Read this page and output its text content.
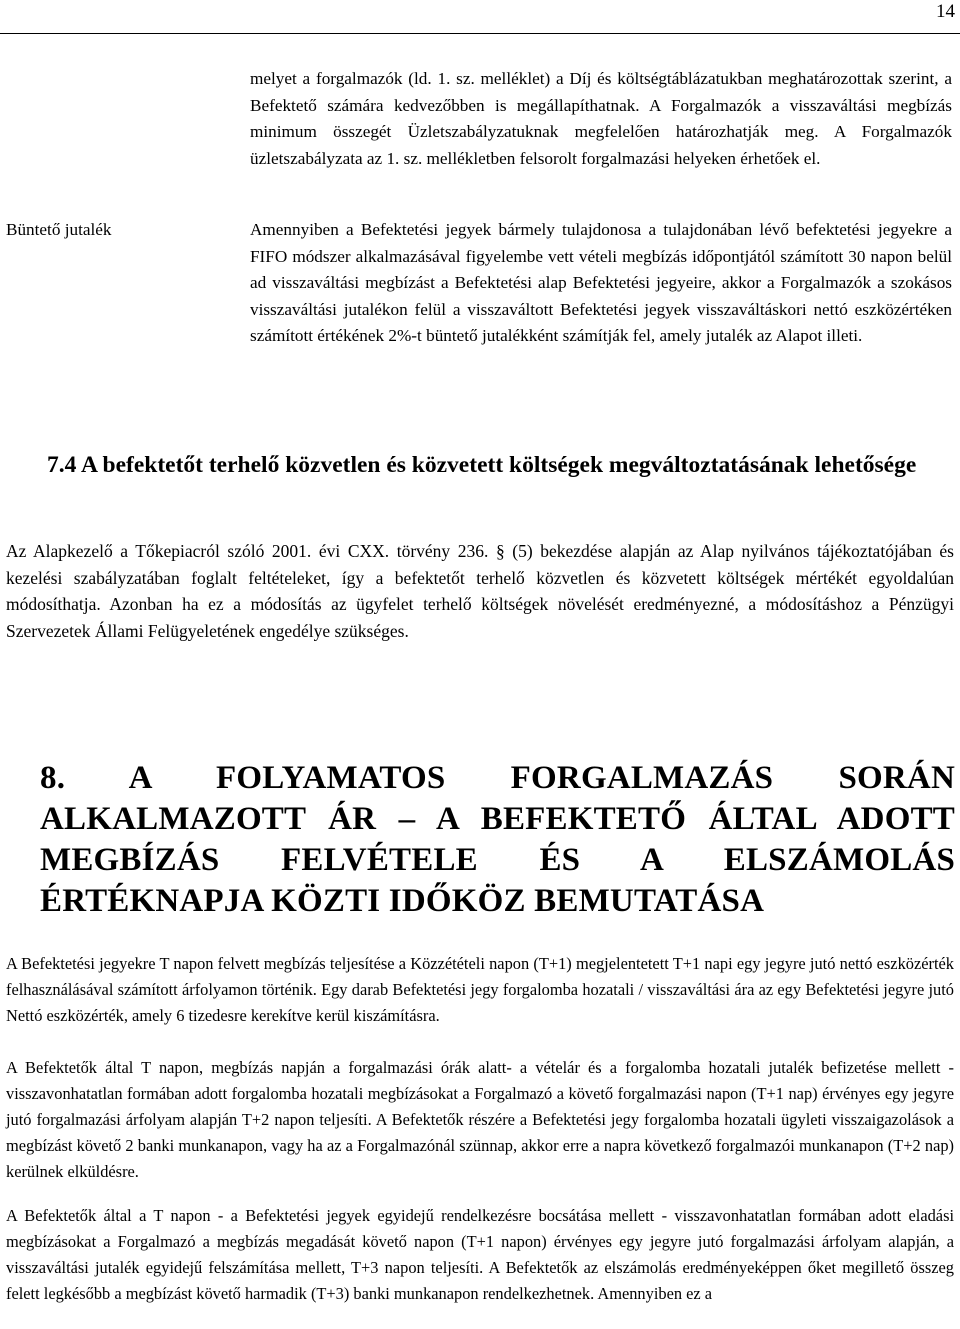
14

melyet a forgalmazók (ld. 1. sz. melléklet) a Díj és költségtáblázatukban meghatározottak szerint, a Befektető számára kedvezőbben is megállapíthatnak. A Forgalmazók a visszaváltási megbízás minimum összegét Üzletszabályzatuknak megfelelően határozhatják meg. A Forgalmazók üzletszabályzata az 1. sz. mellékletben felsorolt forgalmazási helyeken érhetőek el.

Büntető jutalék	Amennyiben a Befektetési jegyek bármely tulajdonosa a tulajdonában lévő befektetési jegyekre a FIFO módszer alkalmazásával figyelembe vett vételi megbízás időpontjától számított 30 napon belül ad visszaváltási megbízást a Befektetési alap Befektetési jegyeire, akkor a Forgalmazók a szokásos visszaváltási jutalékon felül a visszaváltott Befektetési jegyek visszaváltáskori nettó eszközértéken számított értékének 2%-t büntető jutalékként számítják fel, amely jutalék az Alapot illeti.

7.4 A befektetőt terhelő közvetlen és közvetett költségek megváltoztatásának lehetősége

Az Alapkezelő a Tőkepiacról szóló 2001. évi CXX. törvény 236. § (5) bekezdése alapján az Alap nyilvános tájékoztatójában és kezelési szabályzatában foglalt feltételeket, így a befektetőt terhelő közvetlen és közvetett költségek mértékét egyoldalúan módosíthatja. Azonban ha ez a módosítás az ügyfelet terhelő költségek növelését eredményezné, a módosításhoz a Pénzügyi Szervezetek Állami Felügyeletének engedélye szükséges.

8. A FOLYAMATOS FORGALMAZÁS SORÁN ALKALMAZOTT ÁR – A BEFEKTETŐ ÁLTAL ADOTT MEGBÍZÁS FELVÉTELE ÉS A ELSZÁMOLÁS ÉRTÉKNAPJA KÖZTI IDŐKÖZ BEMUTATÁSA

A Befektetési jegyekre T napon felvett megbízás teljesítése a Közzétételi napon (T+1) megjelentetett T+1 napi egy jegyre jutó nettó eszközérték felhasználásával számított árfolyamon történik. Egy darab Befektetési jegy forgalomba hozatali / visszaváltási ára az egy Befektetési jegyre jutó Nettó eszközérték, amely 6 tizedesre kerekítve kerül kiszámításra.

A Befektetők által T napon, megbízás napján a forgalmazási órák alatt- a vételár és a forgalomba hozatali jutalék befizetése mellett - visszavonhatatlan formában adott forgalomba hozatali megbízásokat a Forgalmazó a követő forgalmazási napon (T+1 nap) érvényes egy jegyre jutó forgalmazási árfolyam alapján T+2 napon teljesíti. A Befektetők részére a Befektetési jegy forgalomba hozatali ügyleti visszaigazolások a megbízást követő 2 banki munkanapon, vagy ha az a Forgalmazónál szünnap, akkor erre a napra következő forgalmazói munkanapon (T+2 nap) kerülnek elküldésre.

A Befektetők által a T napon - a Befektetési jegyek egyidejű rendelkezésre bocsátása mellett - visszavonhatatlan formában adott eladási megbízásokat a Forgalmazó a megbízás megadását követő napon (T+1 napon) érvényes egy jegyre jutó forgalmazási árfolyam alapján, a visszaváltási jutalék egyidejű felszámítása mellett, T+3 napon teljesíti. A Befektetők az elszámolás eredményeképpen őket megillető összeg felett legkésőbb a megbízást követő harmadik (T+3) banki munkanapon rendelkezhetnek. Amennyiben ez a
